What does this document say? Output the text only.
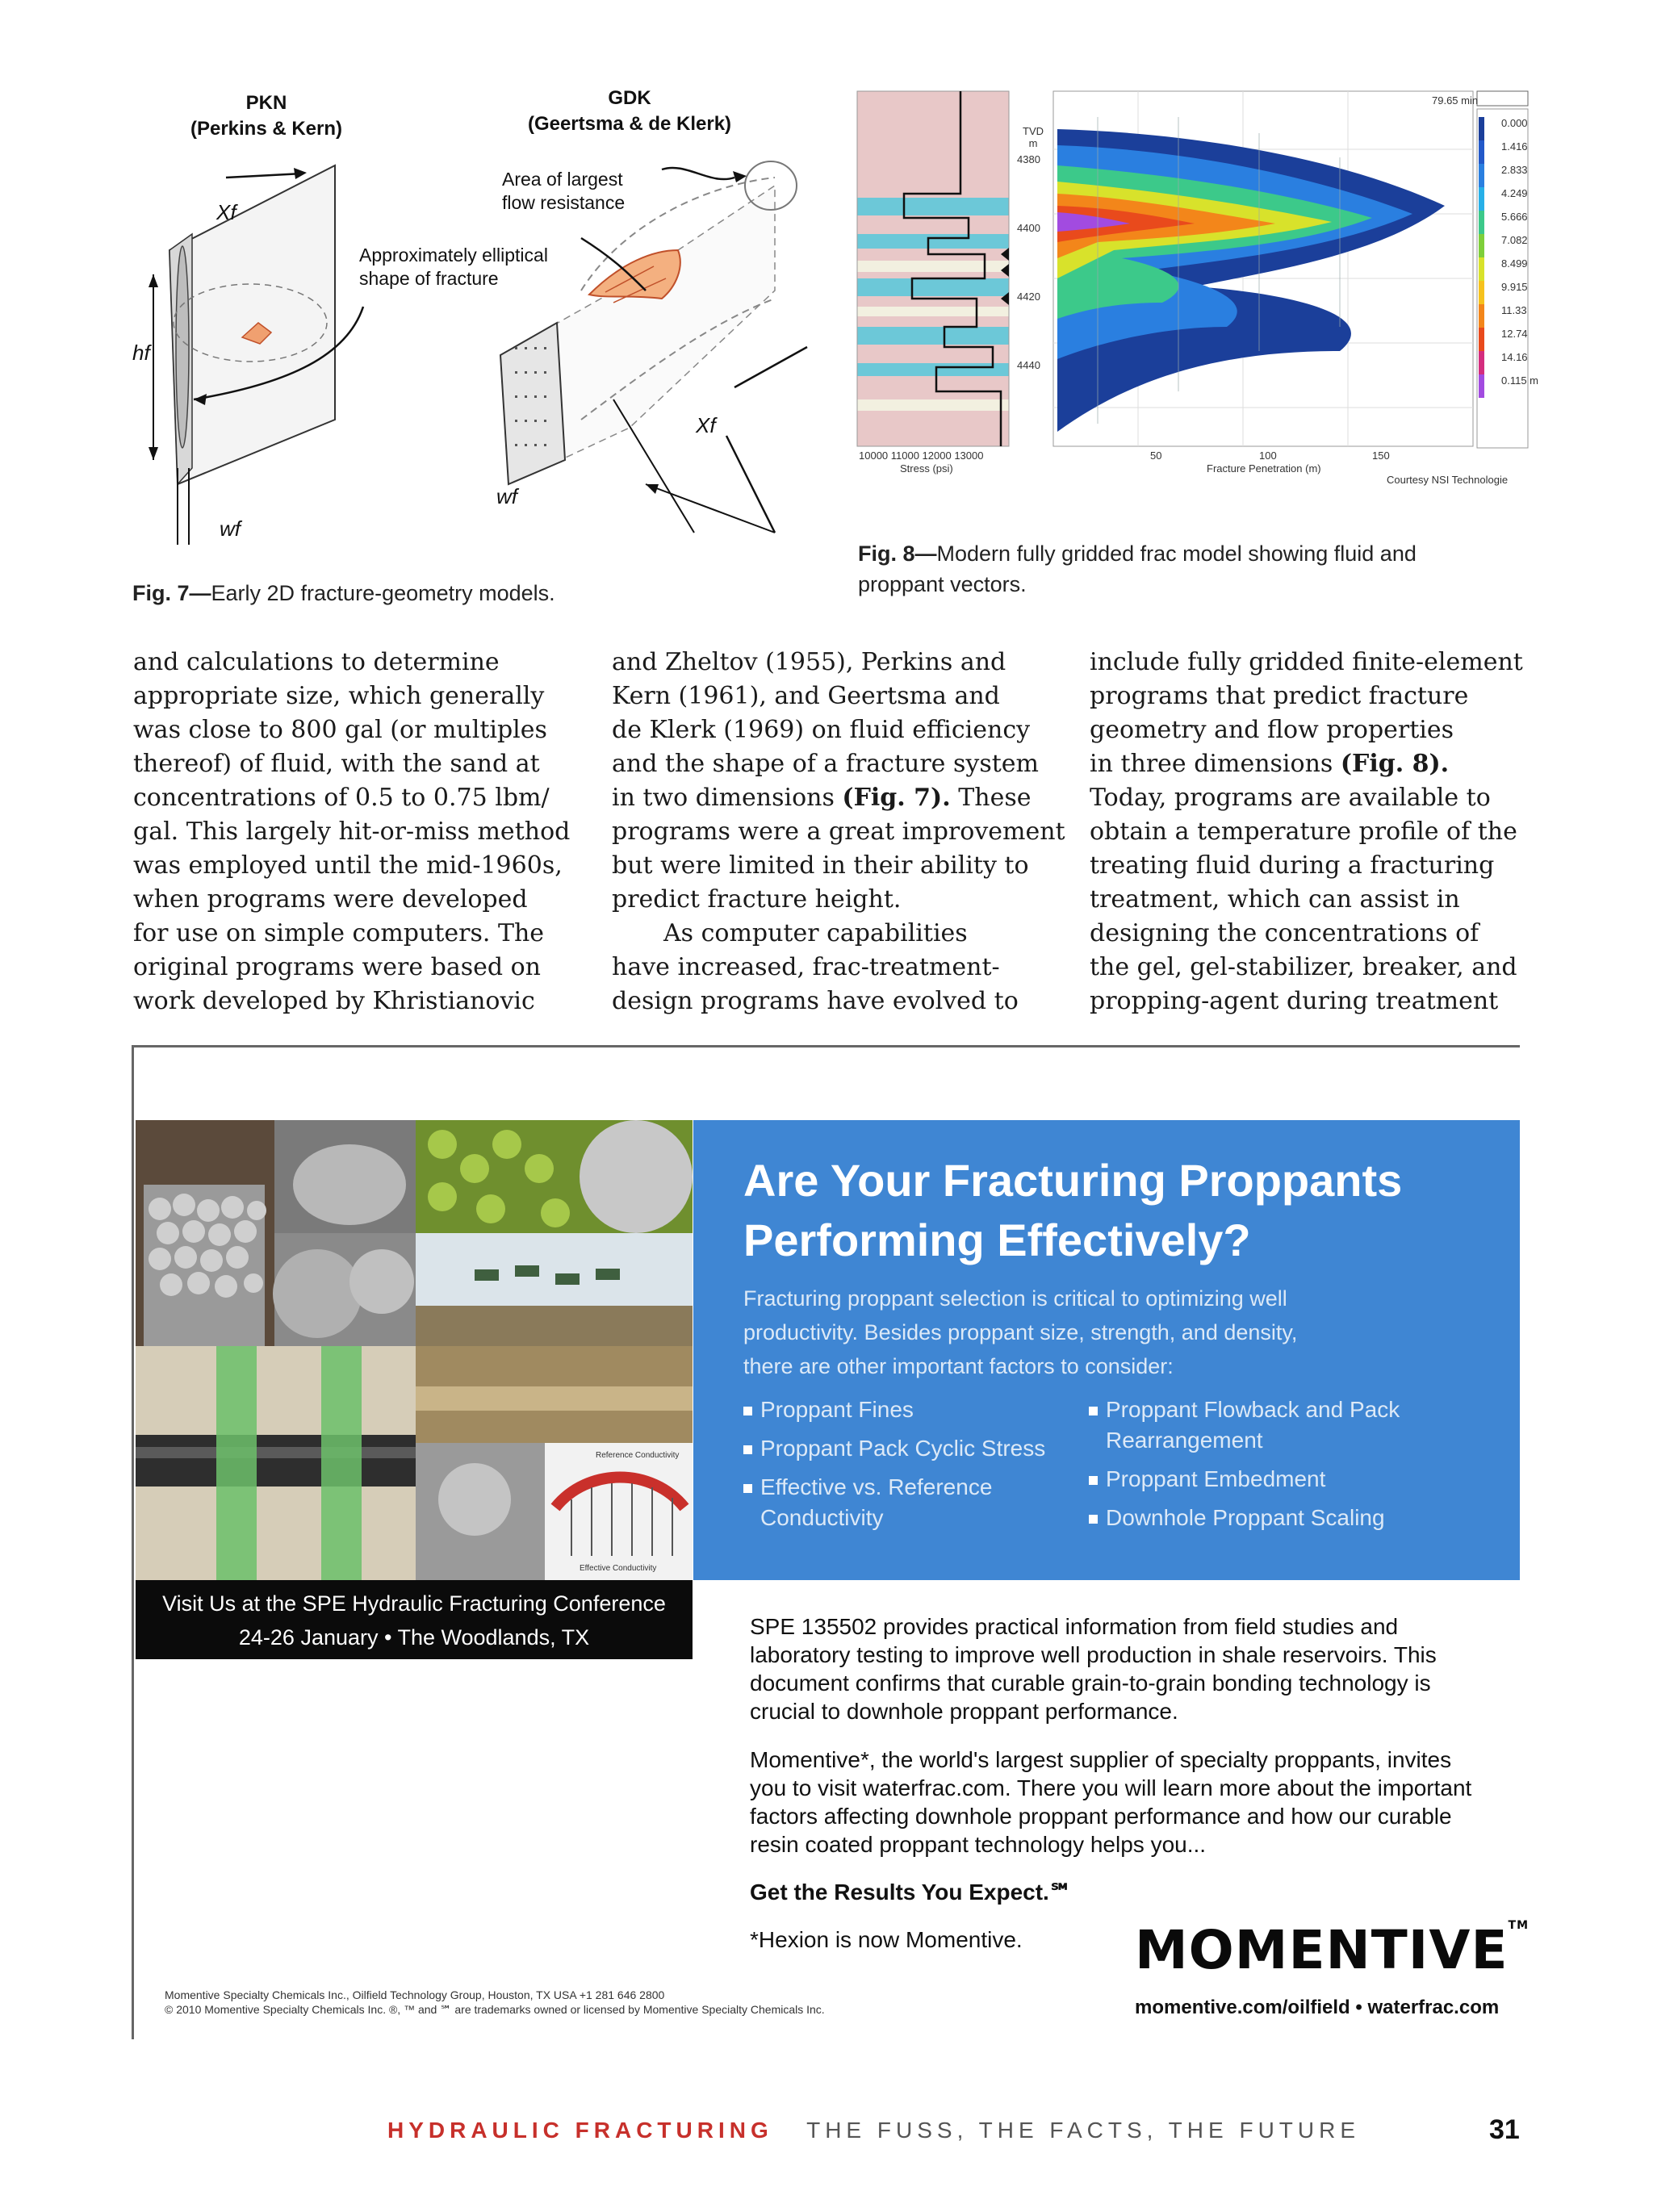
PKN
(Perkins & Kern)
GDK
(Geertsma & de Klerk)
Area of largest
flow resistance
Approximately elliptical
shape of fracture
Xf
hf
wf
Xf
wf
Fig. 7—Early 2D fracture-geometry models.
79.65 min
TVD
m
4380
4400
4420
4440
10000 11000 12000 13000
Stress (psi)
50	100	150
Fracture Penetration (m)
Courtesy NSI Technologie
0.000
1.416
2.833
4.249
5.666
7.082
8.499
9.915
11.33
12.74
14.16
0.115 m
Fig. 8—Modern fully gridded frac model showing fluid and
proppant vectors.

and calculations to determine

appropriate size, which generally

was close to 800 gal (or multiples

thereof) of fluid, with the sand at

concentrations of 0.5 to 0.75 lbm/

gal. This largely hit-or-miss method

was employed until the mid-1960s,

when programs were developed

for use on simple computers. The

original programs were based on

work developed by Khristianovic

and Zheltov (1955), Perkins and

Kern (1961), and Geertsma and

de Klerk (1969) on fluid efficiency

and the shape of a fracture system

in two dimensions (Fig. 7). These

programs were a great improvement

but were limited in their ability to

predict fracture height.

As computer capabilities

have increased, frac-treatment-

design programs have evolved to

include fully gridded finite-element

programs that predict fracture

geometry and flow properties

in three dimensions (Fig. 8).

Today, programs are available to

obtain a temperature profile of the

treating fluid during a fracturing

treatment, which can assist in

designing the concentrations of

the gel, gel-stabilizer, breaker, and

propping-agent during treatment

Reference Conductivity
Effective Conductivity
Are Your Fracturing Proppants
Performing Effectively?
Fracturing proppant selection is critical to optimizing well
productivity. Besides proppant size, strength, and density,
there are other important factors to consider:
Proppant Fines
Proppant Pack Cyclic Stress
Effective vs. Reference
Conductivity
Proppant Flowback and Pack
Rearrangement
Proppant Embedment
Downhole Proppant Scaling
Visit Us at the SPE Hydraulic Fracturing Conference
24-26 January • The Woodlands, TX	SPE 135502 provides practical information from field studies and
laboratory testing to improve well production in shale reservoirs. This
document confirms that curable grain-to-grain bonding technology is
crucial to downhole proppant performance.
Momentive*, the world's largest supplier of specialty proppants, invites
you to visit waterfrac.com. There you will learn more about the important
factors affecting downhole proppant performance and how our curable
resin coated proppant technology helps you...
Get the Results You Expect.℠
*Hexion is now Momentive. MOMENTIVE™
momentive.com/oilfield • waterfrac.com
Momentive Specialty Chemicals Inc., Oilfield Technology Group, Houston, TX USA +1 281 646 2800
© 2010 Momentive Specialty Chemicals Inc. ®, ™ and ℠ are trademarks owned or licensed by Momentive Specialty Chemicals Inc.
HYDRAULIC FRACTURING THE FUSS, THE FACTS, THE FUTURE	31
